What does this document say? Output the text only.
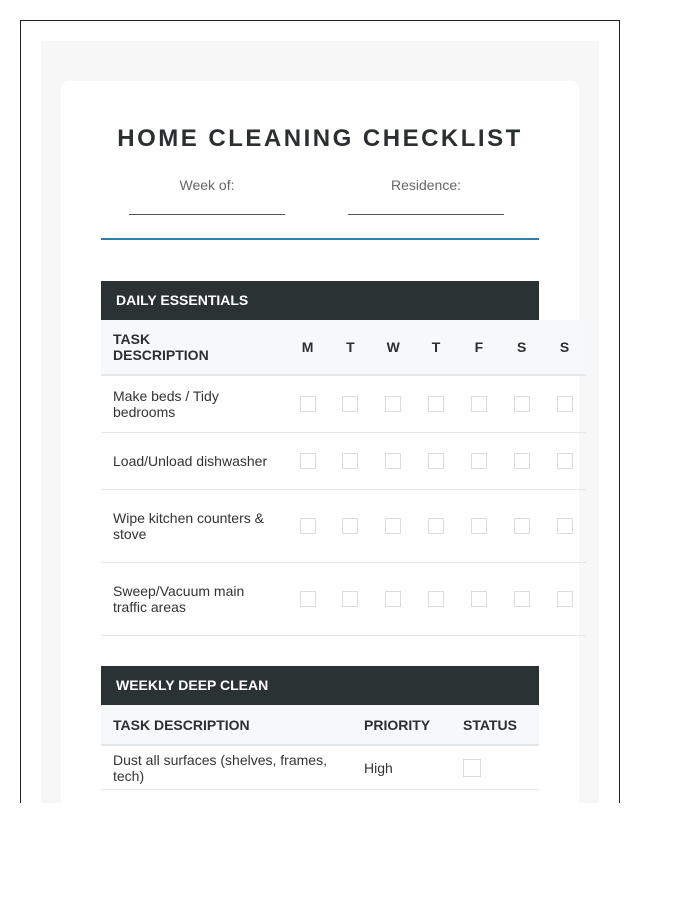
HOME CLEANING CHECKLIST
Week of:	Residence:
DAILY ESSENTIALS
TASK
DESCRIPTION	M	T	W	T	F	S	S
Make beds / Tidy bedrooms							
Load/Unload dishwasher							
Wipe kitchen counters & stove							
Sweep/Vacuum main traffic areas							
WEEKLY DEEP CLEAN
TASK DESCRIPTION	PRIORITY	STATUS
Dust all surfaces (shelves, frames, tech)	High	
